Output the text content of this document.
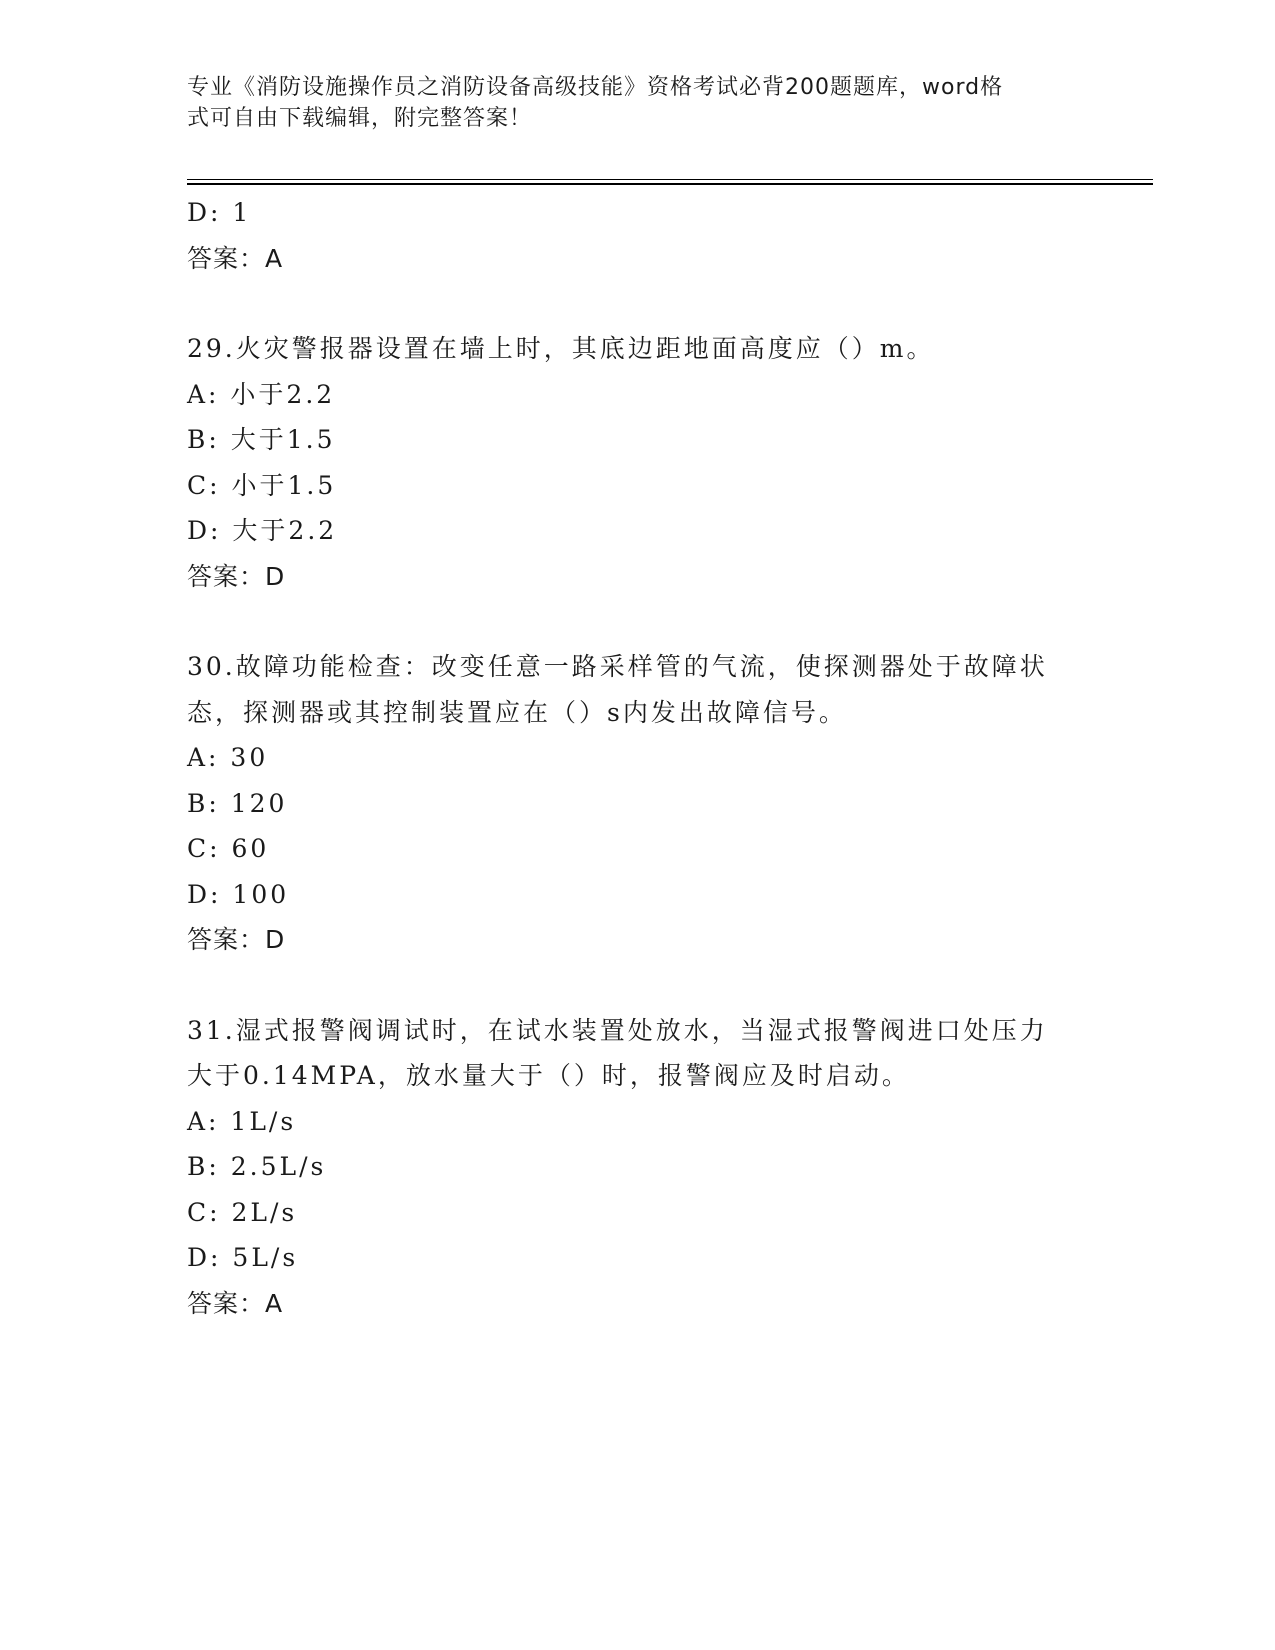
专业《消防设施操作员之消防设备高级技能》资格考试必背200题题库，word格
式可自由下载编辑，附完整答案！
D: 1
答案：A
29.火灾警报器设置在墙上时，其底边距地面高度应（）m。
A: 小于2.2
B: 大于1.5
C: 小于1.5
D: 大于2.2
答案：D
30.故障功能检查：改变任意一路采样管的气流，使探测器处于故障状
态，探测器或其控制装置应在（）s内发出故障信号。
A: 30
B: 120
C: 60
D: 100
答案：D
31.湿式报警阀调试时，在试水装置处放水，当湿式报警阀进口处压力
大于0.14MPA，放水量大于（）时，报警阀应及时启动。
A: 1L/s
B: 2.5L/s
C: 2L/s
D: 5L/s
答案：A
